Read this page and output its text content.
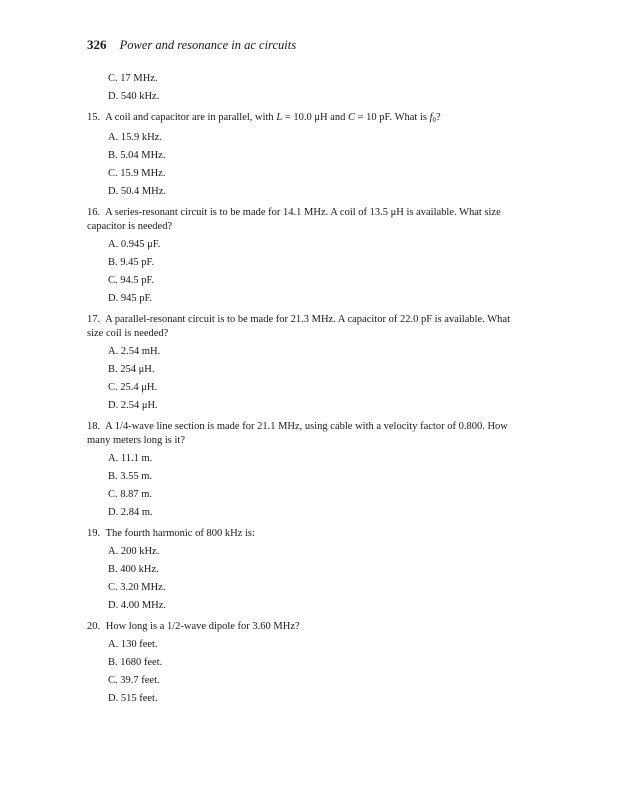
326 Power and resonance in ac circuits
C. 17 MHz.
D. 540 kHz.
15. A coil and capacitor are in parallel, with L = 10.0 μH and C = 10 pF. What is $f_0$?
A. 15.9 kHz.
B. 5.04 MHz.
C. 15.9 MHz.
D. 50.4 MHz.
16. A series-resonant circuit is to be made for 14.1 MHz. A coil of 13.5 μH is available. What size capacitor is needed?
A. 0.945 μF.
B. 9.45 pF.
C. 94.5 pF.
D. 945 pF.
17. A parallel-resonant circuit is to be made for 21.3 MHz. A capacitor of 22.0 pF is available. What size coil is needed?
A. 2.54 mH.
B. 254 μH.
C. 25.4 μH.
D. 2.54 μH.
18. A 1/4-wave line section is made for 21.1 MHz, using cable with a velocity factor of 0.800. How many meters long is it?
A. 11.1 m.
B. 3.55 m.
C. 8.87 m.
D. 2.84 m.
19. The fourth harmonic of 800 kHz is:
A. 200 kHz.
B. 400 kHz.
C. 3.20 MHz.
D. 4.00 MHz.
20. How long is a 1/2-wave dipole for 3.60 MHz?
A. 130 feet.
B. 1680 feet.
C. 39.7 feet.
D. 515 feet.
